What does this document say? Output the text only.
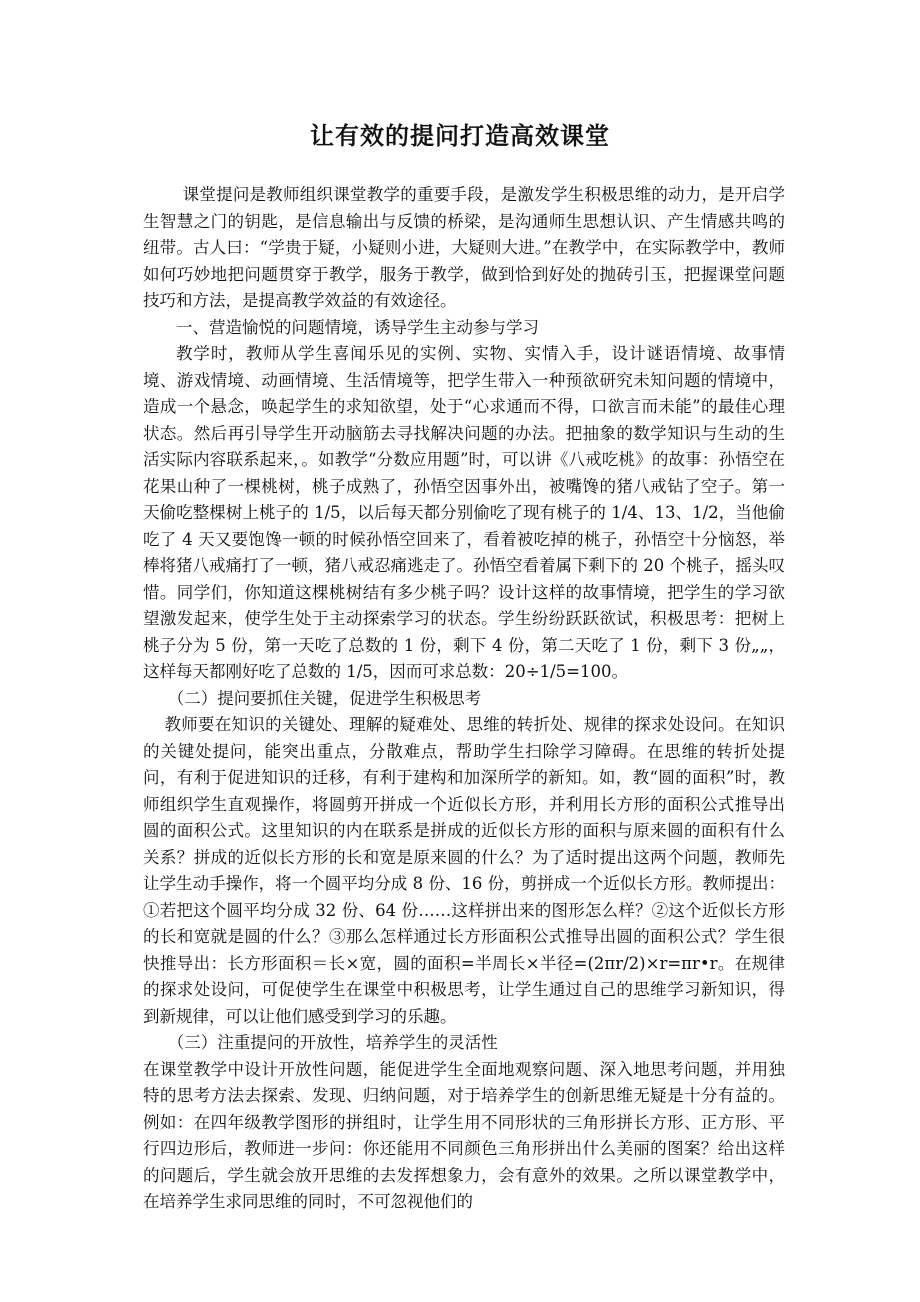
让有效的提问打造高效课堂

课堂提问是教师组织课堂教学的重要手段，是激发学生积极思维的动力，是开启学生智慧之门的钥匙，是信息输出与反馈的桥梁，是沟通师生思想认识、产生情感共鸣的纽带。古人曰：“学贵于疑，小疑则小进，大疑则大进。”在教学中，在实际教学中，教师如何巧妙地把问题贯穿于教学，服务于教学，做到恰到好处的抛砖引玉，把握课堂问题技巧和方法，是提高教学效益的有效途径。

一、营造愉悦的问题情境，诱导学生主动参与学习

教学时，教师从学生喜闻乐见的实例、实物、实情入手，设计谜语情境、故事情境、游戏情境、动画情境、生活情境等，把学生带入一种预欲研究未知问题的情境中，造成一个悬念，唤起学生的求知欲望，处于“心求通而不得，口欲言而未能”的最佳心理状态。然后再引导学生开动脑筋去寻找解决问题的办法。把抽象的数学知识与生动的生活实际内容联系起来，。如教学“分数应用题”时，可以讲《八戒吃桃》的故事：孙悟空在花果山种了一棵桃树，桃子成熟了，孙悟空因事外出，被嘴馋的猪八戒钻了空子。第一天偷吃整棵树上桃子的 1/5，以后每天都分别偷吃了现有桃子的 1/4、13、1/2，当他偷吃了 4 天又要饱馋一顿的时候孙悟空回来了，看着被吃掉的桃子，孙悟空十分恼怒，举棒将猪八戒痛打了一顿，猪八戒忍痛逃走了。孙悟空看着属下剩下的 20 个桃子，摇头叹惜。同学们，你知道这棵桃树结有多少桃子吗？设计这样的故事情境，把学生的学习欲望激发起来，使学生处于主动探索学习的状态。学生纷纷跃跃欲试，积极思考：把树上桃子分为 5 份，第一天吃了总数的 1 份，剩下 4 份，第二天吃了 1 份，剩下 3 份„„，这样每天都刚好吃了总数的 1/5，因而可求总数：20÷1/5=100。

（二）提问要抓住关键，促进学生积极思考

教师要在知识的关键处、理解的疑难处、思维的转折处、规律的探求处设问。在知识的关键处提问，能突出重点，分散难点，帮助学生扫除学习障碍。在思维的转折处提问，有利于促进知识的迁移，有利于建构和加深所学的新知。如，教“圆的面积”时，教师组织学生直观操作，将圆剪开拼成一个近似长方形，并利用长方形的面积公式推导出圆的面积公式。这里知识的内在联系是拼成的近似长方形的面积与原来圆的面积有什么关系？拼成的近似长方形的长和宽是原来圆的什么？为了适时提出这两个问题，教师先让学生动手操作，将一个圆平均分成 8 份、16 份，剪拼成一个近似长方形。教师提出：①若把这个圆平均分成 32 份、64 份……这样拼出来的图形怎么样？②这个近似长方形的长和宽就是圆的什么？③那么怎样通过长方形面积公式推导出圆的面积公式？学生很快推导出：长方形面积＝长×宽，圆的面积=半周长×半径=(2πr/2)×r=πr•r。在规律的探求处设问，可促使学生在课堂中积极思考，让学生通过自己的思维学习新知识，得到新规律，可以让他们感受到学习的乐趣。

（三）注重提问的开放性，培养学生的灵活性

在课堂教学中设计开放性问题，能促进学生全面地观察问题、深入地思考问题，并用独特的思考方法去探索、发现、归纳问题，对于培养学生的创新思维无疑是十分有益的。例如：在四年级教学图形的拼组时，让学生用不同形状的三角形拼长方形、正方形、平行四边形后，教师进一步问：你还能用不同颜色三角形拼出什么美丽的图案？给出这样的问题后，学生就会放开思维的去发挥想象力，会有意外的效果。之所以课堂教学中，在培养学生求同思维的同时，不可忽视他们的
